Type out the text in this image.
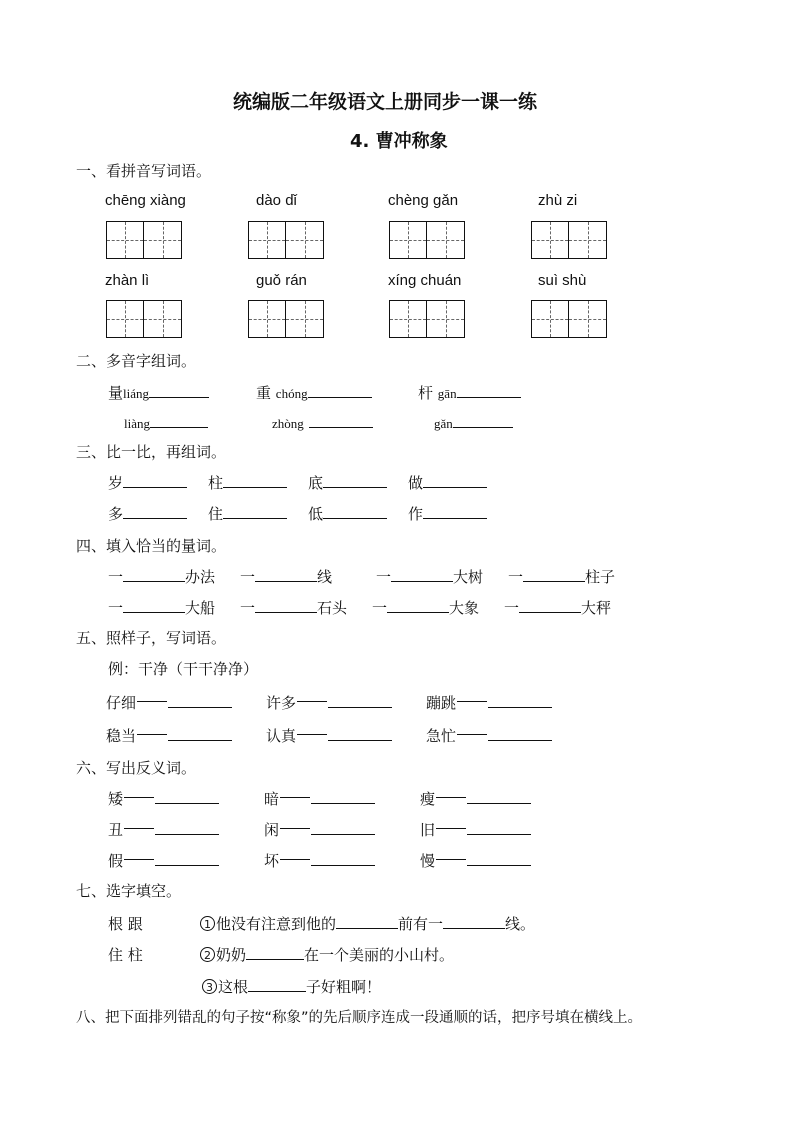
统编版二年级语文上册同步一课一练
4. 曹冲称象
一、看拼音写词语。
chēng xiàng	dào dǐ	chèng gǎn	zhù zi
zhàn lì	guǒ rán	xíng chuán	suì shù
二、多音字组词。
量liáng	重 chóng	杆 gān
liàng	zhòng	gǎn
三、比一比，再组词。
岁	柱	底	做
多	住	低	作
四、填入恰当的量词。
一	办法 一	线	一	大树 一	柱子
一	大船 一	石头 一	大象 一	大秤
五、照样子，写词语。
例：干净（干干净净）
仔细	许多	蹦跳
稳当	认真	急忙
六、写出反义词。
矮	暗	瘦
丑	闲	旧
假	坏	慢
七、选字填空。
根 跟	1 他没有注意到他的	前有一	线。
住 柱	2 奶奶	在一个美丽的小山村。
3 这根	子好粗啊！
八、把下面排列错乱的句子按“称象”的先后顺序连成一段通顺的话，把序号填在横线上。
